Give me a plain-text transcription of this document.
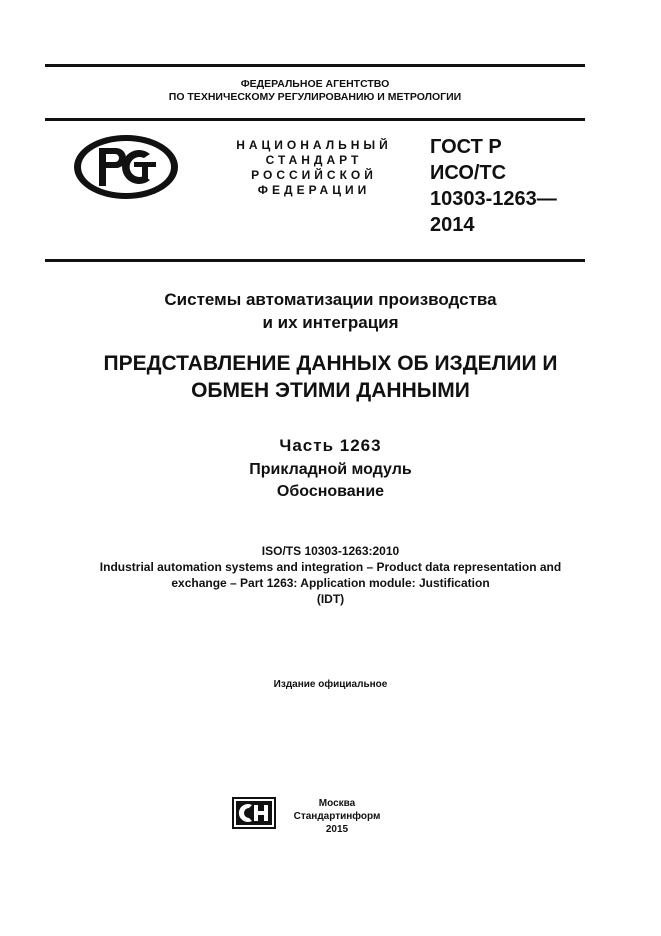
ФЕДЕРАЛЬНОЕ АГЕНТСТВО
ПО ТЕХНИЧЕСКОМУ РЕГУЛИРОВАНИЮ И МЕТРОЛОГИИ
НАЦИОНАЛЬНЫЙ
СТАНДАРТ
РОССИЙСКОЙ
ФЕДЕРАЦИИ
ГОСТ Р
ИСО/ТС
10303-1263—
2014
Системы автоматизации производства
и их интеграция
ПРЕДСТАВЛЕНИЕ ДАННЫХ ОБ ИЗДЕЛИИ И
ОБМЕН ЭТИМИ ДАННЫМИ
Часть 1263
Прикладной модуль
Обоснование
ISO/TS 10303-1263:2010
Industrial automation systems and integration – Product data representation and
exchange – Part 1263: Application module: Justification
(IDT)
Издание официальное
Москва
Стандартинформ
2015
